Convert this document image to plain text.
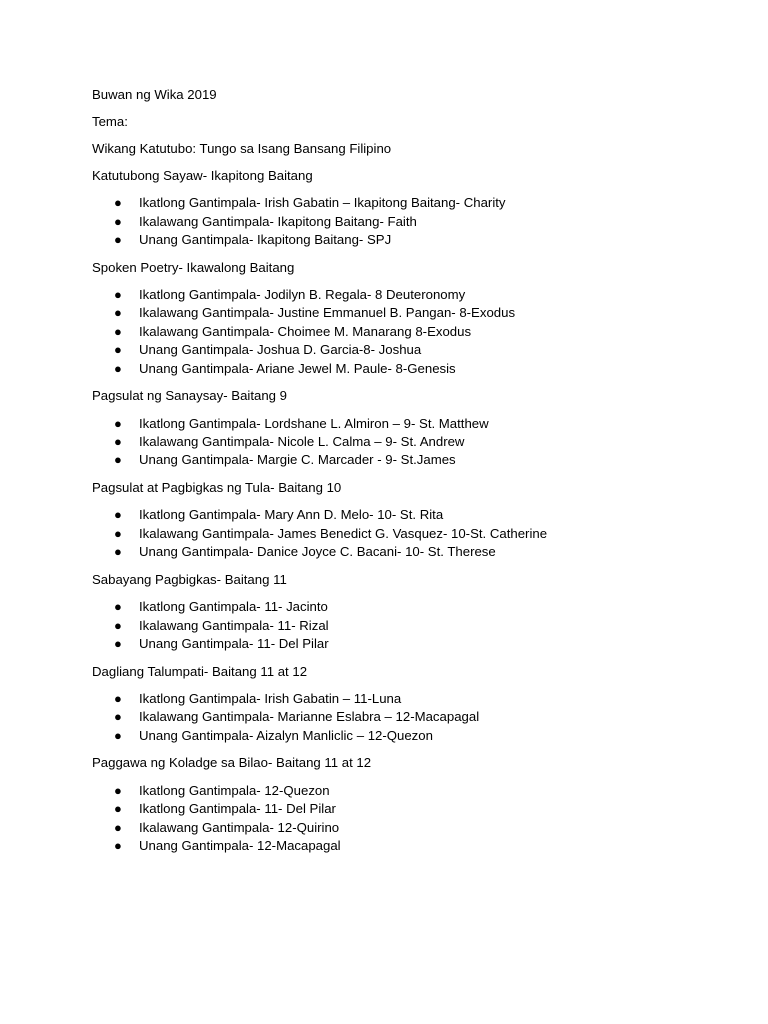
Buwan ng Wika 2019
Tema:
Wikang Katutubo: Tungo sa Isang Bansang Filipino
Katutubong Sayaw- Ikapitong Baitang
● Ikatlong Gantimpala- Irish Gabatin – Ikapitong Baitang- Charity
● Ikalawang Gantimpala- Ikapitong Baitang- Faith
● Unang Gantimpala- Ikapitong Baitang- SPJ
Spoken Poetry- Ikawalong Baitang
● Ikatlong Gantimpala- Jodilyn B. Regala- 8 Deuteronomy
● Ikalawang Gantimpala- Justine Emmanuel B. Pangan- 8-Exodus
● Ikalawang Gantimpala- Choimee M. Manarang 8-Exodus
● Unang Gantimpala- Joshua D. Garcia-8- Joshua
● Unang Gantimpala- Ariane Jewel M. Paule- 8-Genesis
Pagsulat ng Sanaysay- Baitang 9
● Ikatlong Gantimpala- Lordshane L. Almiron – 9- St. Matthew
● Ikalawang Gantimpala- Nicole L. Calma – 9- St. Andrew
● Unang Gantimpala- Margie C. Marcader - 9- St.James
Pagsulat at Pagbigkas ng Tula- Baitang 10
● Ikatlong Gantimpala- Mary Ann D. Melo- 10- St. Rita
● Ikalawang Gantimpala- James Benedict G. Vasquez- 10-St. Catherine
● Unang Gantimpala- Danice Joyce C. Bacani- 10- St. Therese
Sabayang Pagbigkas- Baitang 11
● Ikatlong Gantimpala- 11- Jacinto
● Ikalawang Gantimpala- 11- Rizal
● Unang Gantimpala- 11- Del Pilar
Dagliang Talumpati- Baitang 11 at 12
● Ikatlong Gantimpala- Irish Gabatin – 11-Luna
● Ikalawang Gantimpala- Marianne Eslabra – 12-Macapagal
● Unang Gantimpala- Aizalyn Manliclic – 12-Quezon
Paggawa ng Koladge sa Bilao- Baitang 11 at 12
● Ikatlong Gantimpala- 12-Quezon
● Ikatlong Gantimpala- 11- Del Pilar
● Ikalawang Gantimpala- 12-Quirino
● Unang Gantimpala- 12-Macapagal
